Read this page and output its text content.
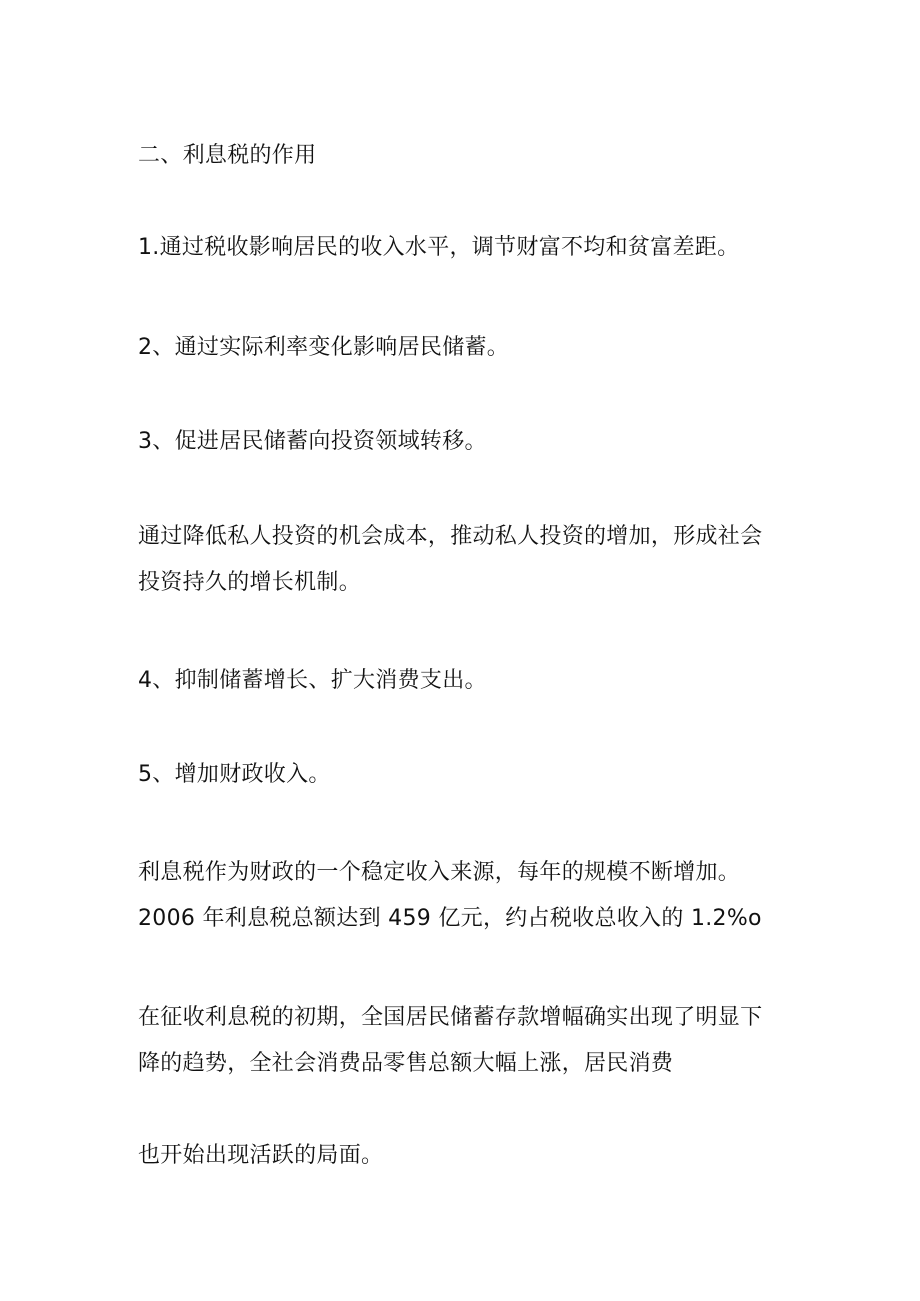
二、利息税的作用
1.通过税收影响居民的收入水平，调节财富不均和贫富差距。
2、通过实际利率变化影响居民储蓄。
3、促进居民储蓄向投资领域转移。
通过降低私人投资的机会成本，推动私人投资的增加，形成社会
投资持久的增长机制。
4、抑制储蓄增长、扩大消费支出。
5、增加财政收入。
利息税作为财政的一个稳定收入来源，每年的规模不断增加。
2006 年利息税总额达到 459 亿元，约占税收总收入的 1.2%o
在征收利息税的初期，全国居民储蓄存款增幅确实出现了明显下
降的趋势，全社会消费品零售总额大幅上涨，居民消费
也开始出现活跃的局面。
